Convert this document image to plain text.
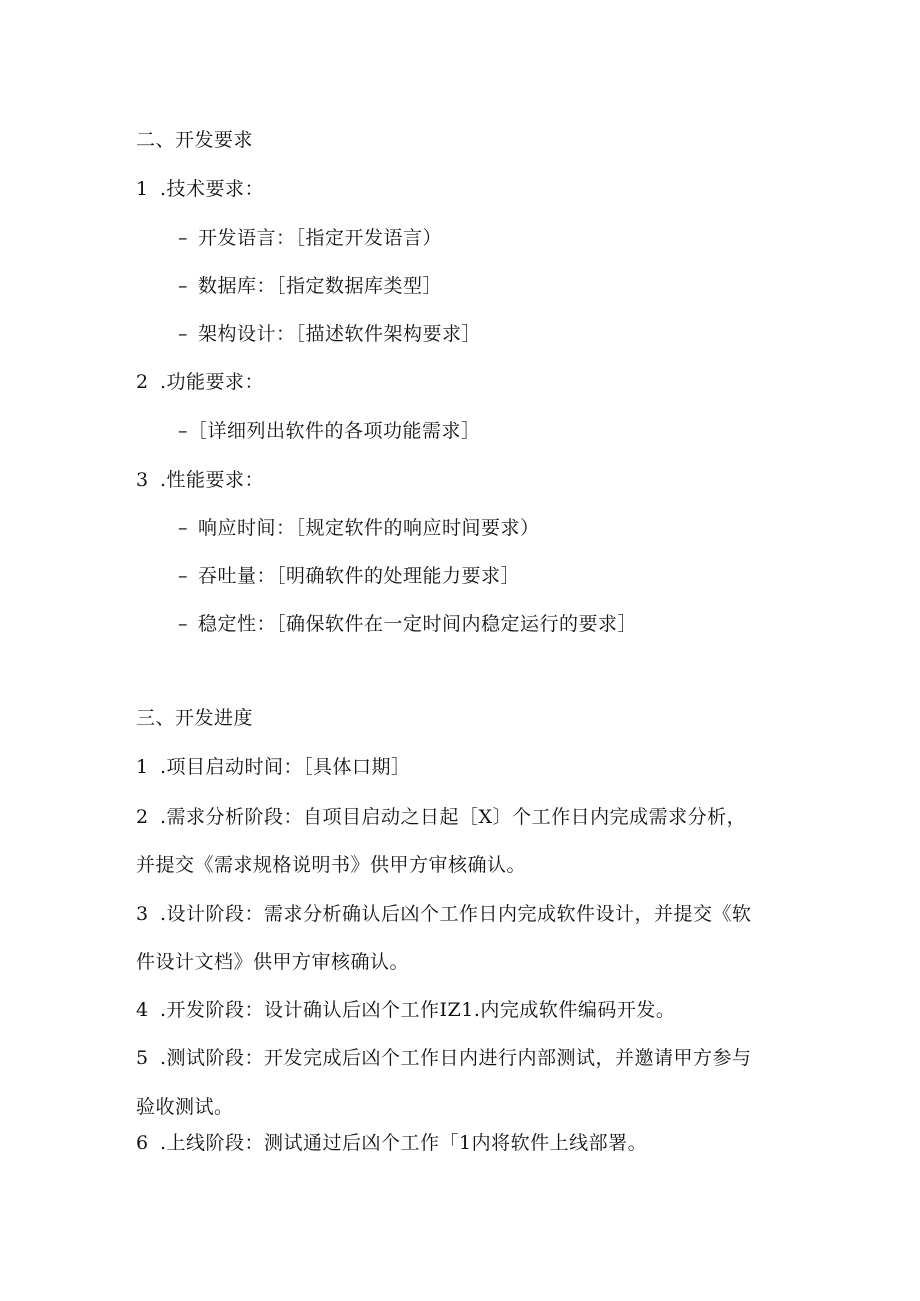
二、开发要求
1 .技术要求：
– 开发语言：［指定开发语言）
– 数据库：［指定数据库类型］
– 架构设计：［描述软件架构要求］
2 .功能要求：
–［详细列出软件的各项功能需求］
3 .性能要求：
– 响应时间：［规定软件的响应时间要求）
– 吞吐量：［明确软件的处理能力要求］
– 稳定性：［确保软件在一定时间内稳定运行的要求］
三、开发进度
1 .项目启动时间：［具体口期］
2 .需求分析阶段：自项目启动之日起［X〕个工作日内完成需求分析，
并提交《需求规格说明书》供甲方审核确认。
3 .设计阶段：需求分析确认后凶个工作日内完成软件设计，并提交《软
件设计文档》供甲方审核确认。
4 .开发阶段：设计确认后凶个工作IZ1.内完成软件编码开发。
5 .测试阶段：开发完成后凶个工作日内进行内部测试，并邀请甲方参与
验收测试。
6 .上线阶段：测试通过后凶个工作「1内将软件上线部署。
